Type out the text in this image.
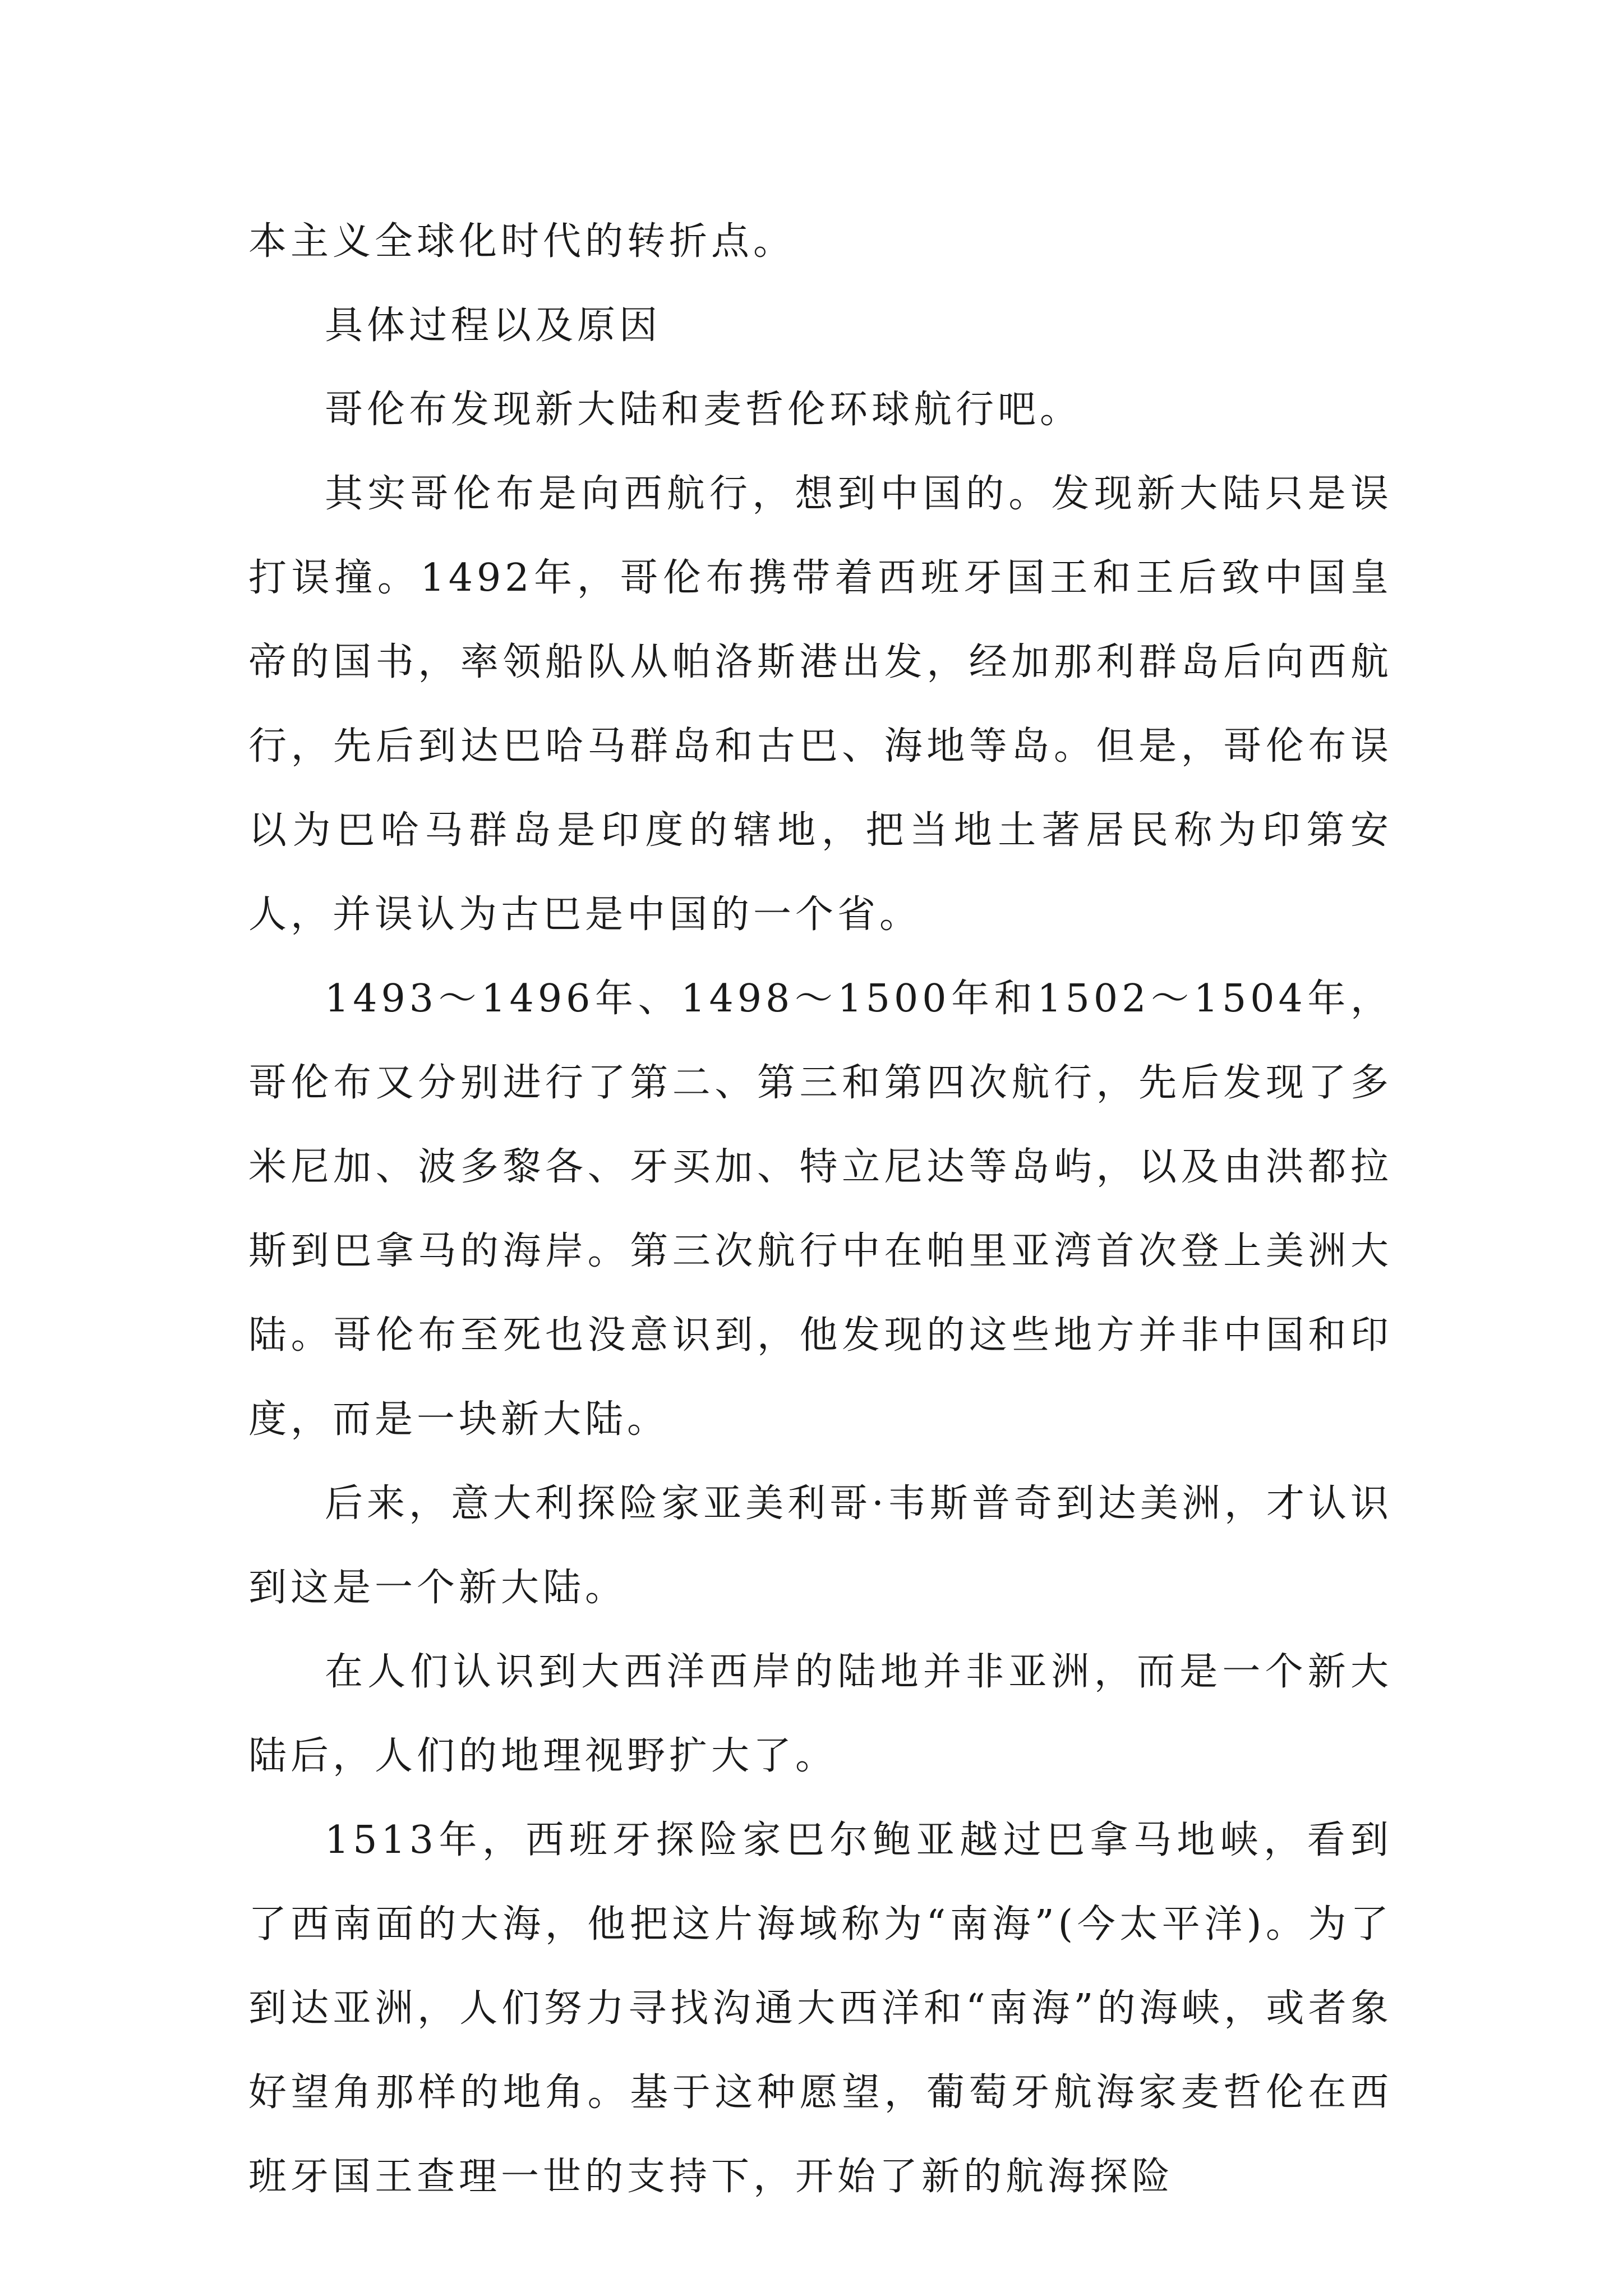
本主义全球化时代的转折点。

具体过程以及原因

哥伦布发现新大陆和麦哲伦环球航行吧。

其实哥伦布是向西航行，想到中国的。发现新大陆只是误打误撞。1492年，哥伦布携带着西班牙国王和王后致中国皇帝的国书，率领船队从帕洛斯港出发，经加那利群岛后向西航行，先后到达巴哈马群岛和古巴、海地等岛。但是，哥伦布误以为巴哈马群岛是印度的辖地，把当地土著居民称为印第安人，并误认为古巴是中国的一个省。

1493～1496年、1498～1500年和1502～1504年，哥伦布又分别进行了第二、第三和第四次航行，先后发现了多米尼加、波多黎各、牙买加、特立尼达等岛屿，以及由洪都拉斯到巴拿马的海岸。第三次航行中在帕里亚湾首次登上美洲大陆。哥伦布至死也没意识到，他发现的这些地方并非中国和印度，而是一块新大陆。

后来，意大利探险家亚美利哥·韦斯普奇到达美洲，才认识到这是一个新大陆。

在人们认识到大西洋西岸的陆地并非亚洲，而是一个新大陆后，人们的地理视野扩大了。

1513年，西班牙探险家巴尔鲍亚越过巴拿马地峡，看到了西南面的大海，他把这片海域称为“南海”(今太平洋)。为了到达亚洲，人们努力寻找沟通大西洋和“南海”的海峡，或者象好望角那样的地角。基于这种愿望，葡萄牙航海家麦哲伦在西班牙国王查理一世的支持下，开始了新的航海探险
